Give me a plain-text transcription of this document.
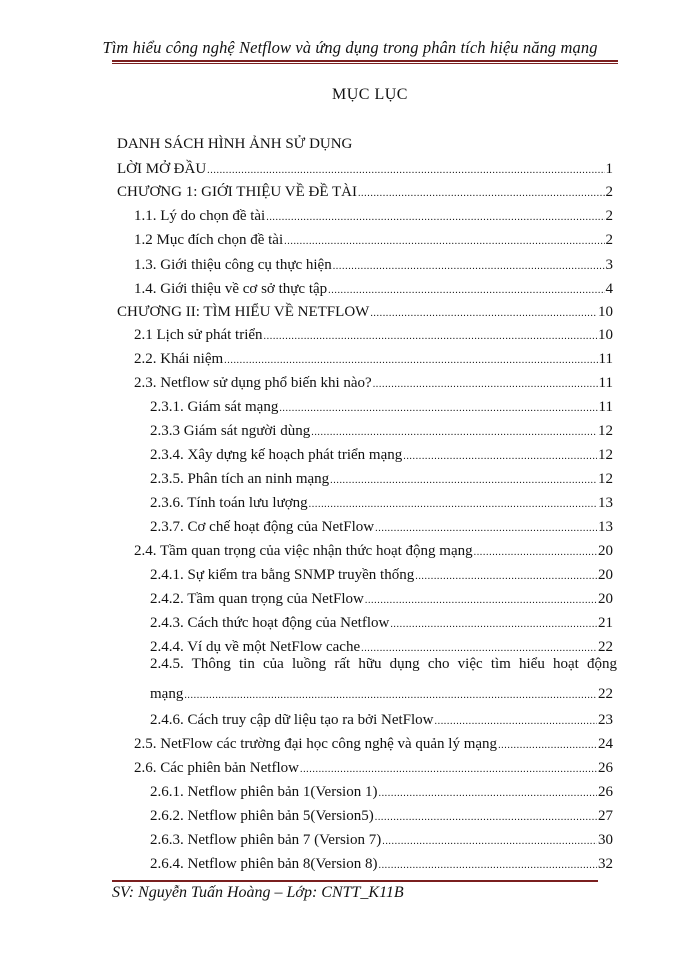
Tìm hiểu công nghệ Netflow và ứng dụng trong phân tích hiệu năng mạng
MỤC LỤC
DANH SÁCH HÌNH ẢNH SỬ DỤNG
LỜI MỞ ĐẦU .....	1
CHƯƠNG 1: GIỚI THIỆU VỀ ĐỀ TÀI .....	2
1.1. Lý do chọn đề tài .....	2
1.2 Mục đích chọn đề tài .....	2
1.3. Giới thiệu công cụ thực hiện .....	3
1.4. Giới thiệu về cơ sở thực tập .....	4
CHƯƠNG II: TÌM HIỂU VỀ NETFLOW .....	10
2.1 Lịch sử phát triển .....	10
2.2. Khái niệm .....	11
2.3. Netflow sử dụng phổ biến khi nào? .....	11
2.3.1. Giám sát mạng .....	11
2.3.3 Giám sát người dùng .....	12
2.3.4. Xây dựng kế hoạch phát triển mạng .....	12
2.3.5. Phân tích an ninh mạng .....	12
2.3.6. Tính toán lưu lượng .....	13
2.3.7. Cơ chế hoạt động của NetFlow .....	13
2.4. Tầm quan trọng của việc nhận thức hoạt động mạng .....	20
2.4.1. Sự kiểm tra bằng SNMP truyền thống .....	20
2.4.2. Tầm quan trọng của NetFlow .....	20
2.4.3. Cách thức hoạt động của Netflow .....	21
2.4.4. Ví dụ về một NetFlow cache .....	22
2.4.5. Thông tin của luồng rất hữu dụng cho việc tìm hiểu hoạt động
mạng .....	22
2.4.6. Cách truy cập dữ liệu tạo ra bởi NetFlow .....	23
2.5. NetFlow các trường đại học công nghệ và quản lý mạng .....	24
2.6. Các phiên bản Netflow .....	26
2.6.1. Netflow phiên bản 1(Version 1) .....	26
2.6.2. Netflow phiên bản 5(Version5) .....	27
2.6.3. Netflow phiên bản 7 (Version 7) .....	30
2.6.4. Netflow phiên bản 8(Version 8) .....	32
SV: Nguyễn Tuấn Hoàng – Lớp: CNTT_K11B
